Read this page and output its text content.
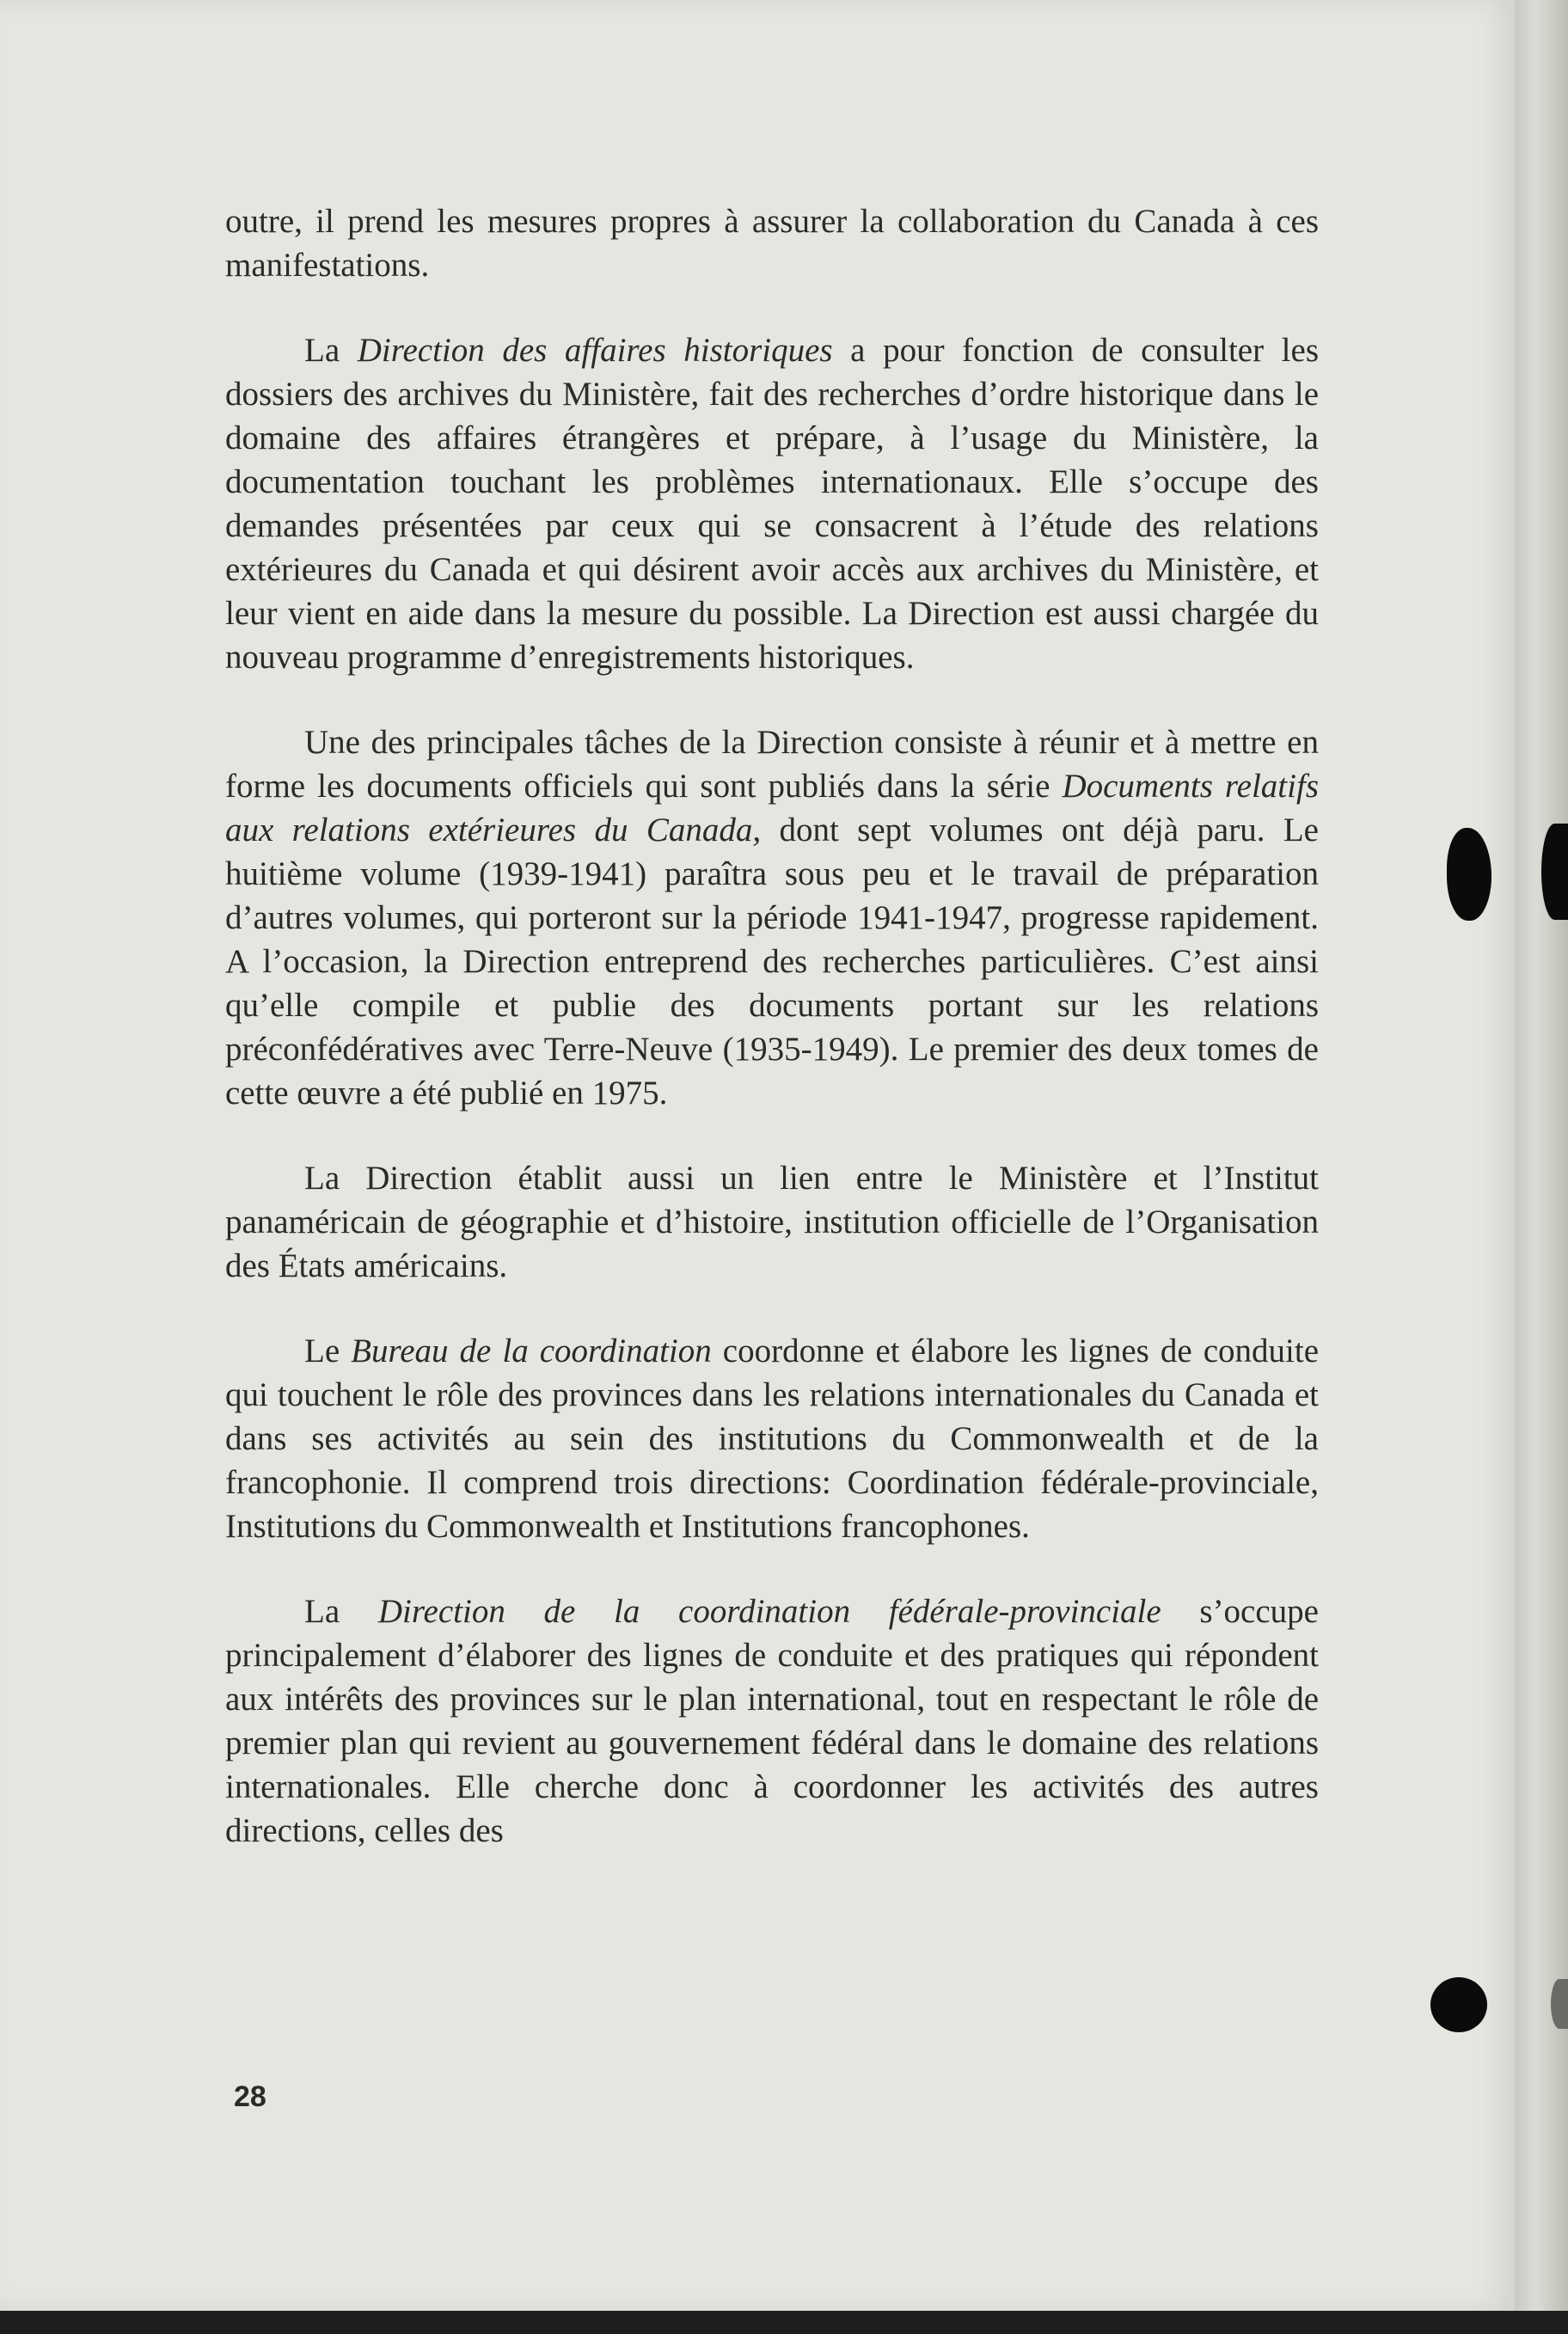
outre, il prend les mesures propres à assurer la collaboration du Canada à ces manifestations.

La Direction des affaires historiques a pour fonction de consulter les dossiers des archives du Ministère, fait des recherches d’ordre historique dans le domaine des affaires étrangères et prépare, à l’usage du Ministère, la documentation touchant les problèmes internationaux. Elle s’occupe des demandes présentées par ceux qui se consacrent à l’étude des relations extérieures du Canada et qui désirent avoir accès aux archives du Ministère, et leur vient en aide dans la mesure du possible. La Direction est aussi chargée du nouveau programme d’enregistrements historiques.

Une des principales tâches de la Direction consiste à réunir et à mettre en forme les documents officiels qui sont publiés dans la série Documents relatifs aux relations extérieures du Canada, dont sept volumes ont déjà paru. Le huitième volume (1939-1941) paraîtra sous peu et le travail de préparation d’autres volumes, qui porteront sur la période 1941-1947, progresse rapidement. A l’occasion, la Direction entreprend des recherches particulières. C’est ainsi qu’elle compile et publie des documents portant sur les relations préconfédératives avec Terre-Neuve (1935-1949). Le premier des deux tomes de cette œuvre a été publié en 1975.

La Direction établit aussi un lien entre le Ministère et l’Institut panaméricain de géographie et d’histoire, institution officielle de l’Organisation des États américains.

Le Bureau de la coordination coordonne et élabore les lignes de conduite qui touchent le rôle des provinces dans les relations internationales du Canada et dans ses activités au sein des institutions du Commonwealth et de la francophonie. Il comprend trois directions: Coordination fédérale-provinciale, Institutions du Commonwealth et Institutions francophones.

La Direction de la coordination fédérale-provinciale s’occupe principalement d’élaborer des lignes de conduite et des pratiques qui répondent aux intérêts des provinces sur le plan international, tout en respectant le rôle de premier plan qui revient au gouvernement fédéral dans le domaine des relations internationales. Elle cherche donc à coordonner les activités des autres directions, celles des

28
